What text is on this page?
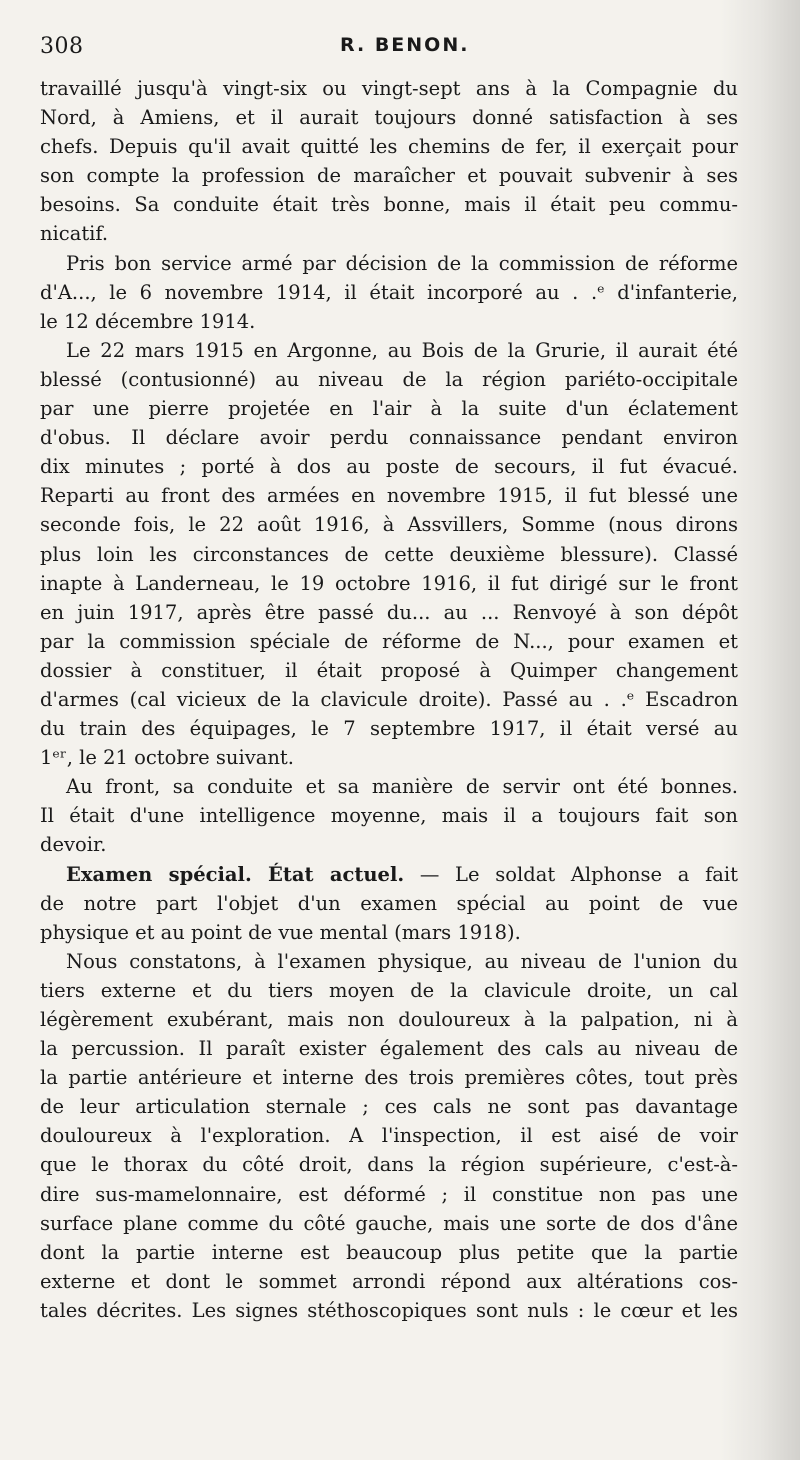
308	R. BENON.
travaillé jusqu'à vingt-six ou vingt-sept ans à la Compagnie du
Nord, à Amiens, et il aurait toujours donné satisfaction à ses
chefs. Depuis qu'il avait quitté les chemins de fer, il exerçait pour
son compte la profession de maraîcher et pouvait subvenir à ses
besoins. Sa conduite était très bonne, mais il était peu commu-
nicatif.
Pris bon service armé par décision de la commission de réforme
d'A..., le 6 novembre 1914, il était incorporé au . .ᵉ d'infanterie,
le 12 décembre 1914.
Le 22 mars 1915 en Argonne, au Bois de la Grurie, il aurait été
blessé (contusionné) au niveau de la région pariéto-occipitale
par une pierre projetée en l'air à la suite d'un éclatement
d'obus. Il déclare avoir perdu connaissance pendant environ
dix minutes ; porté à dos au poste de secours, il fut évacué.
Reparti au front des armées en novembre 1915, il fut blessé une
seconde fois, le 22 août 1916, à Assvillers, Somme (nous dirons
plus loin les circonstances de cette deuxième blessure). Classé
inapte à Landerneau, le 19 octobre 1916, il fut dirigé sur le front
en juin 1917, après être passé du... au ... Renvoyé à son dépôt
par la commission spéciale de réforme de N..., pour examen et
dossier à constituer, il était proposé à Quimper changement
d'armes (cal vicieux de la clavicule droite). Passé au . .ᵉ Escadron
du train des équipages, le 7 septembre 1917, il était versé au
1ᵉʳ, le 21 octobre suivant.
Au front, sa conduite et sa manière de servir ont été bonnes.
Il était d'une intelligence moyenne, mais il a toujours fait son
devoir.
Examen spécial. État actuel. — Le soldat Alphonse a fait
de notre part l'objet d'un examen spécial au point de vue
physique et au point de vue mental (mars 1918).
Nous constatons, à l'examen physique, au niveau de l'union du
tiers externe et du tiers moyen de la clavicule droite, un cal
légèrement exubérant, mais non douloureux à la palpation, ni à
la percussion. Il paraît exister également des cals au niveau de
la partie antérieure et interne des trois premières côtes, tout près
de leur articulation sternale ; ces cals ne sont pas davantage
douloureux à l'exploration. A l'inspection, il est aisé de voir
que le thorax du côté droit, dans la région supérieure, c'est-à-
dire sus-mamelonnaire, est déformé ; il constitue non pas une
surface plane comme du côté gauche, mais une sorte de dos d'âne
dont la partie interne est beaucoup plus petite que la partie
externe et dont le sommet arrondi répond aux altérations cos-
tales décrites. Les signes stéthoscopiques sont nuls : le cœur et les
